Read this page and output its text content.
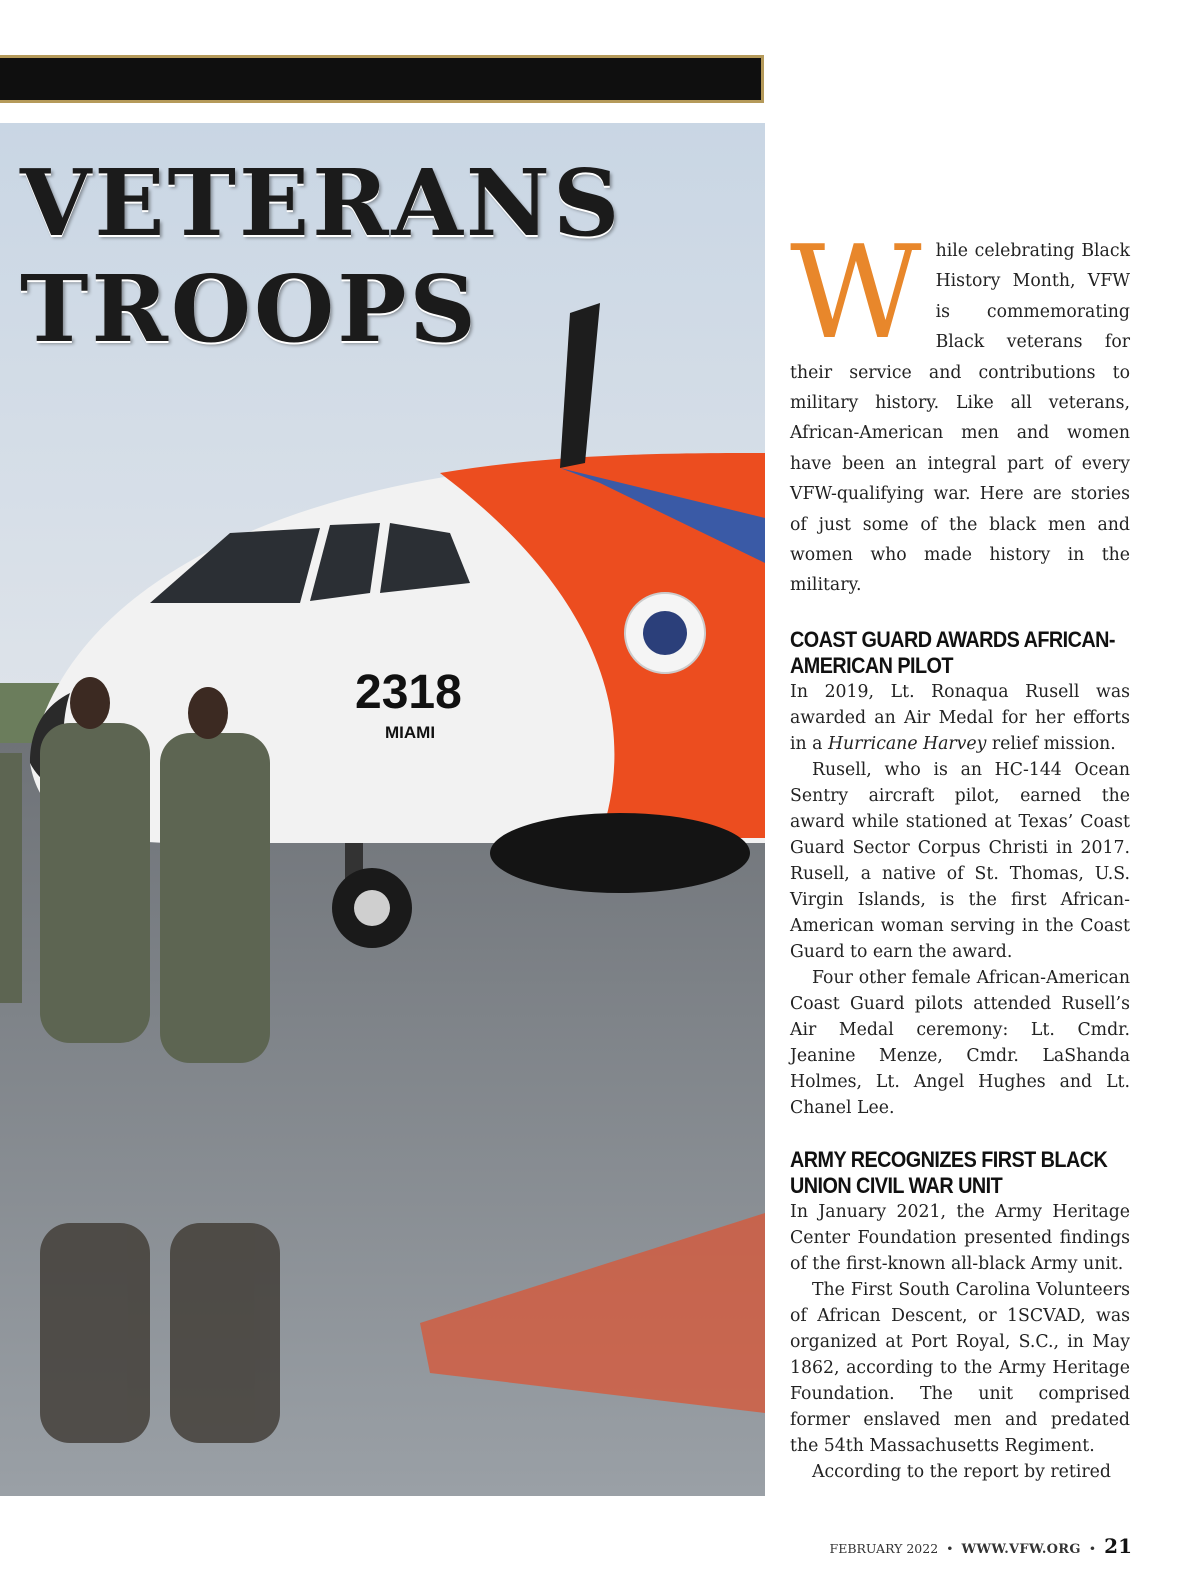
2318
MIAMI
VETERANS
TROOPS	While celebrating Black History Month, VFW is commemorating Black veterans for their service and contributions to military history. Like all veterans, African-American men and women have been an integral part of every VFW-qualifying war. Here are stories of just some of the black men and women who made history in the military.

COAST GUARD AWARDS AFRICAN-AMERICAN PILOT

In 2019, Lt. Ronaqua Rusell was awarded an Air Medal for her efforts in a Hurricane Harvey relief mission.

Rusell, who is an HC-144 Ocean Sentry aircraft pilot, earned the award while stationed at Texas’ Coast Guard Sector Corpus Christi in 2017. Rusell, a native of St. Thomas, U.S. Virgin Islands, is the first African-American woman serving in the Coast Guard to earn the award.

Four other female African-American Coast Guard pilots attended Rusell’s Air Medal ceremony: Lt. Cmdr. Jeanine Menze, Cmdr. LaShanda Holmes, Lt. Angel Hughes and Lt. Chanel Lee.

ARMY RECOGNIZES FIRST BLACK UNION CIVIL WAR UNIT

In January 2021, the Army Heritage Center Foundation presented findings of the first-known all-black Army unit.

The First South Carolina Volunteers of African Descent, or 1SCVAD, was organized at Port Royal, S.C., in May 1862, according to the Army Heritage Foundation. The unit comprised former enslaved men and predated the 54th Massachusetts Regiment.

According to the report by retired

FEBRUARY 2022 • WWW.VFW.ORG • 21
